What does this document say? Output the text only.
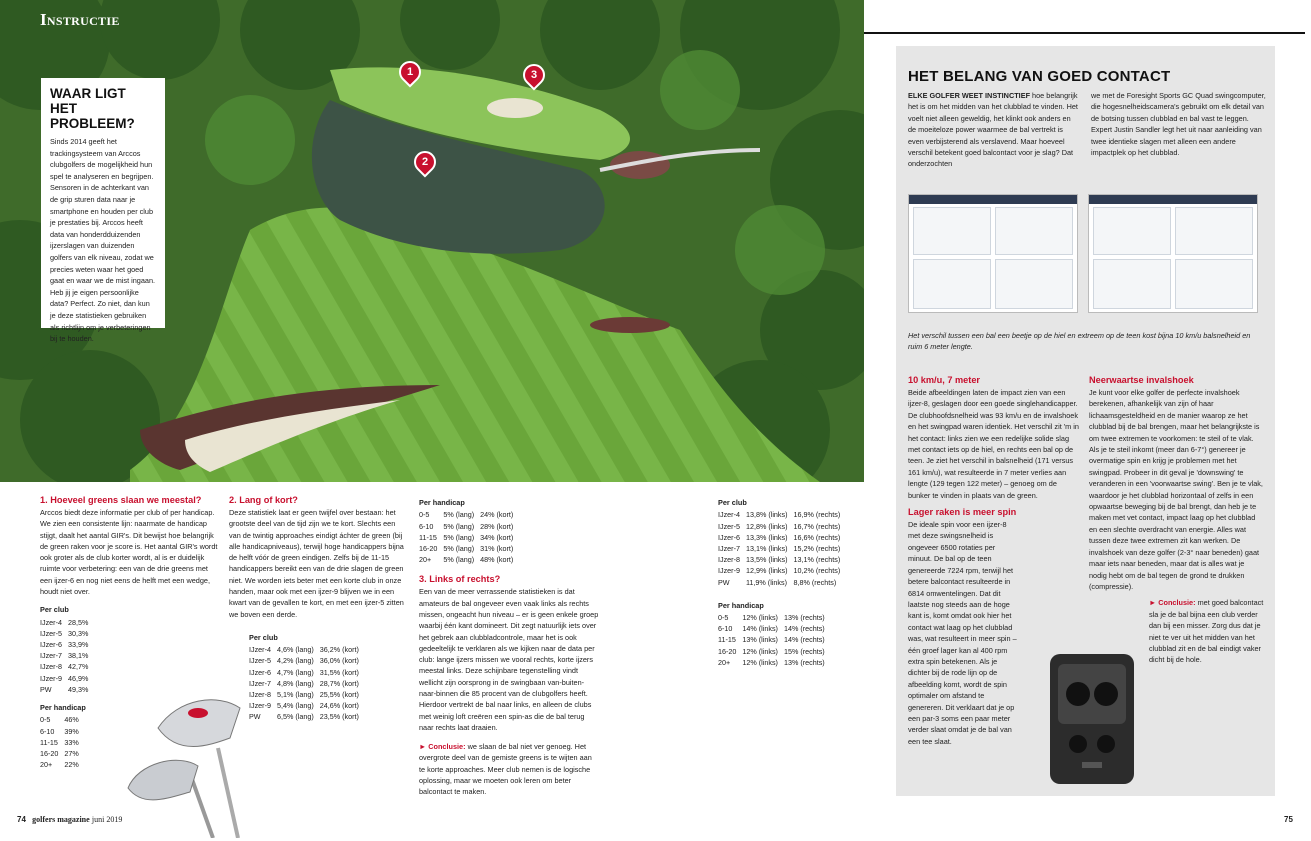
1
2
3
Instructie
WAAR LIGT HET PROBLEEM?
Sinds 2014 geeft het trackingsysteem van Arccos clubgolfers de mogelijkheid hun spel te analyseren en begrijpen. Sensoren in de achterkant van de grip sturen data naar je smartphone en houden per club je prestaties bij. Arccos heeft data van honderdduizenden ijzerslagen van duizenden golfers van elk niveau, zodat we precies weten waar het goed gaat en waar we de mist ingaan. Heb jij je eigen persoonlijke data? Perfect. Zo niet, dan kun je deze statistieken gebruiken als richtlijn om je verbeteringen bij te houden.
1. Hoeveel greens slaan we meestal?

Arccos biedt deze informatie per club of per handicap. We zien een consistente lijn: naarmate de handicap stijgt, daalt het aantal GIR's. Dit bewijst hoe belangrijk de green raken voor je score is. Het aantal GIR's wordt ook groter als de club korter wordt, al is er duidelijk ruimte voor verbetering: een van de drie greens met een ijzer-6 en nog niet eens de helft met een wedge, houdt niet over.

Per club
IJzer-4	28,5%
IJzer-5	30,3%
IJzer-6	33,9%
IJzer-7	38,1%
IJzer-8	42,7%
IJzer-9	46,9%
PW	49,3%
Per handicap
0-5	46%
6-10	39%
11-15	33%
16-20	27%
20+	22%
2. Lang of kort?

Deze statistiek laat er geen twijfel over bestaan: het grootste deel van de tijd zijn we te kort. Slechts een van de twintig approaches eindigt áchter de green (bij alle handicapniveaus), terwijl hoge handicappers bijna de helft vóór de green eindigen. Zelfs bij de 11-15 handicappers bereikt een van de drie slagen de green niet. We worden iets beter met een korte club in onze handen, maar ook met een ijzer-9 blijven we in een kwart van de gevallen te kort, en met een ijzer-5 zitten we boven een derde.

Per club
IJzer-4	4,6% (lang)	36,2% (kort)
IJzer-5	4,2% (lang)	36,0% (kort)
IJzer-6	4,7% (lang)	31,5% (kort)
IJzer-7	4,8% (lang)	28,7% (kort)
IJzer-8	5,1% (lang)	25,5% (kort)
IJzer-9	5,4% (lang)	24,6% (kort)
PW	6,5% (lang)	23,5% (kort)
Per handicap
0-5	5% (lang)	24% (kort)
6-10	5% (lang)	28% (kort)
11-15	5% (lang)	34% (kort)
16-20	5% (lang)	31% (kort)
20+	5% (lang)	48% (kort)
3. Links of rechts?

Een van de meer verrassende statistieken is dat amateurs de bal ongeveer even vaak links als rechts missen, ongeacht hun niveau – er is geen enkele groep waarbij één kant domineert. Dit zegt natuurlijk iets over het gebrek aan clubbladcontrole, maar het is ook gedeeltelijk te verklaren als we kijken naar de data per club: lange ijzers missen we vooral rechts, korte ijzers meestal links. Deze schijnbare tegenstelling vindt wellicht zijn oorsprong in de swingbaan van-buiten-naar-binnen die 85 procent van de clubgolfers heeft. Hierdoor vertrekt de bal naar links, en alleen de clubs met weinig loft creëren een spin-as die de bal terug naar rechts laat draaien.

► Conclusie: we slaan de bal niet ver genoeg. Het overgrote deel van de gemiste greens is te wijten aan te korte approaches. Meer club nemen is de logische oplossing, maar we moeten ook leren om beter balcontact te maken.

Per club
IJzer-4	13,8% (links)	16,9% (rechts)
IJzer-5	12,8% (links)	16,7% (rechts)
IJzer-6	13,3% (links)	16,6% (rechts)
IJzer-7	13,1% (links)	15,2% (rechts)
IJzer-8	13,5% (links)	13,1% (rechts)
IJzer-9	12,9% (links)	10,2% (rechts)
PW	11,9% (links)	8,8% (rechts)
Per handicap
0-5	12% (links)	13% (rechts)
6-10	14% (links)	14% (rechts)
11-15	13% (links)	14% (rechts)
16-20	12% (links)	15% (rechts)
20+	12% (links)	13% (rechts)
HET BELANG VAN GOED CONTACT
ELKE GOLFER WEET INSTINCTIEF hoe belangrijk het is om het midden van het clubblad te vinden. Het voelt niet alleen geweldig, het klinkt ook anders en de moeiteloze power waarmee de bal vertrekt is even verbijsterend als verslavend. Maar hoeveel verschil betekent goed balcontact voor je slag? Dat onderzochten
we met de Foresight Sports GC Quad swingcomputer, die hogesnelheidscamera's gebruikt om elk detail van de botsing tussen clubblad en bal vast te leggen. Expert Justin Sandler legt het uit naar aanleiding van twee identieke slagen met alleen een andere impactplek op het clubblad.
Het verschil tussen een bal een beetje op de hiel en extreem op de teen kost bijna 10 km/u balsnelheid en ruim 6 meter lengte.
10 km/u, 7 meter

Beide afbeeldingen laten de impact zien van een ijzer-8, geslagen door een goede singlehandicapper. De clubhoofdsnelheid was 93 km/u en de invalshoek en het swingpad waren identiek. Het verschil zit 'm in het contact: links zien we een redelijke solide slag met contact iets op de hiel, en rechts een bal op de teen. Je ziet het verschil in balsnelheid (171 versus 161 km/u), wat resulteerde in 7 meter verlies aan lengte (129 tegen 122 meter) – genoeg om de bunker te vinden in plaats van de green.

Lager raken is meer spin

De ideale spin voor een ijzer-8 met deze swingsnelheid is ongeveer 6500 rotaties per minuut. De bal op de teen genereerde 7224 rpm, terwijl het betere balcontact resulteerde in 6814 omwentelingen. Dat dit laatste nog steeds aan de hoge kant is, komt omdat ook hier het contact wat laag op het clubblad was, wat resulteert in meer spin – één groef lager kan al 400 rpm extra spin betekenen. Als je dichter bij de rode lijn op de afbeelding komt, wordt de spin optimaler om afstand te genereren. Dit verklaart dat je op een par-3 soms een paar meter verder slaat omdat je de bal van een tee slaat.

Neerwaartse invalshoek

Je kunt voor elke golfer de perfecte invalshoek berekenen, afhankelijk van zijn of haar lichaamsgesteldheid en de manier waarop ze het clubblad bij de bal brengen, maar het belangrijkste is om twee extremen te voorkomen: te steil of te vlak. Als je te steil inkomt (meer dan 6-7°) genereer je overmatige spin en krijg je problemen met het swingpad. Probeer in dit geval je 'downswing' te veranderen in een 'voorwaartse swing'. Ben je te vlak, waardoor je het clubblad horizontaal of zelfs in een opwaartse beweging bij de bal brengt, dan heb je te maken met vet contact, impact laag op het clubblad en een slechte overdracht van energie. Alles wat tussen deze twee extremen zit kan werken. De invalshoek van deze golfer (2-3° naar beneden) gaat maar iets naar beneden, maar dat is alles wat je nodig hebt om de bal tegen de grond te drukken (compressie).

► Conclusie: met goed balcontact sla je de bal bijna een club verder dan bij een misser. Zorg dus dat je niet te ver uit het midden van het clubblad zit en de bal eindigt vaker dicht bij de hole.

74 golfers magazine juni 2019	75
